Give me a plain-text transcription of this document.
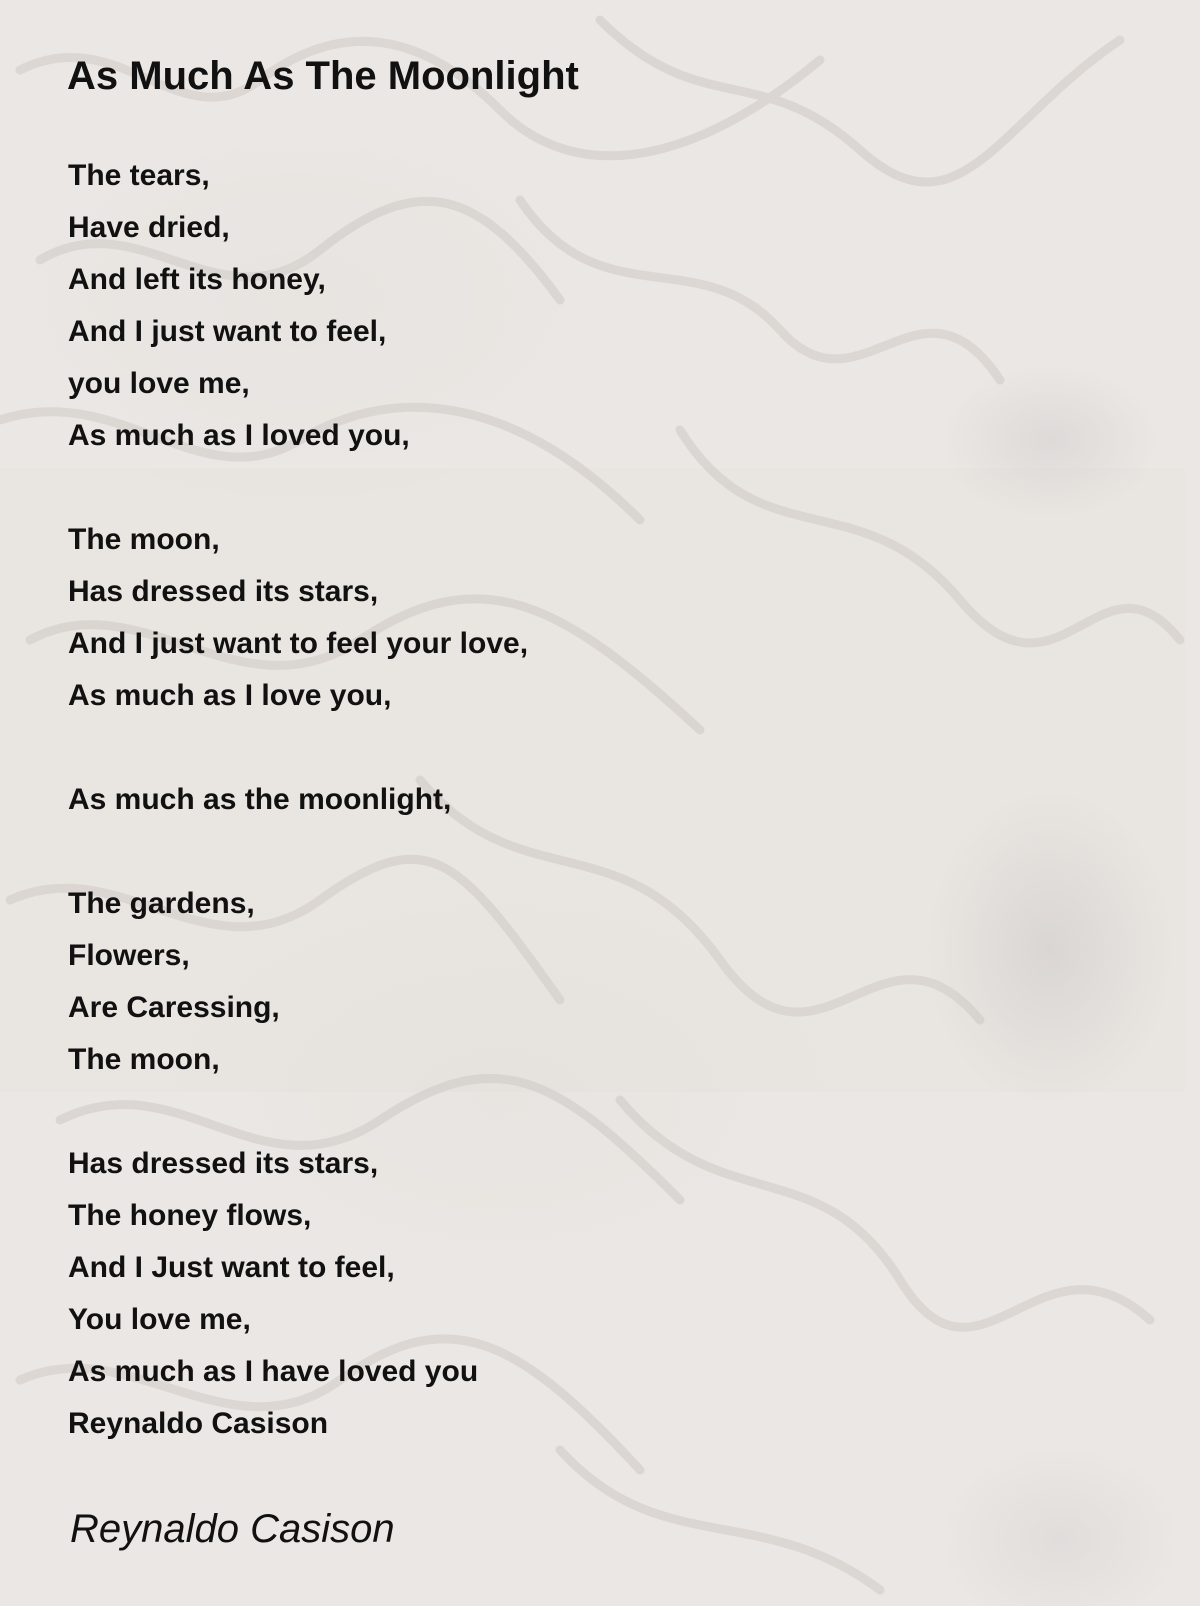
As Much As The Moonlight
The tears,
Have dried,
And left its honey,
And I just want to feel,
you love me,
As much as I loved you,
The moon,
Has dressed its stars,
And I just want to feel your love,
As much as I love you,
As much as the moonlight,
The gardens,
Flowers,
Are Caressing,
The moon,
Has dressed its stars,
The honey flows,
And I Just want to feel,
You love me,
As much as I have loved you
Reynaldo Casison
Reynaldo Casison
